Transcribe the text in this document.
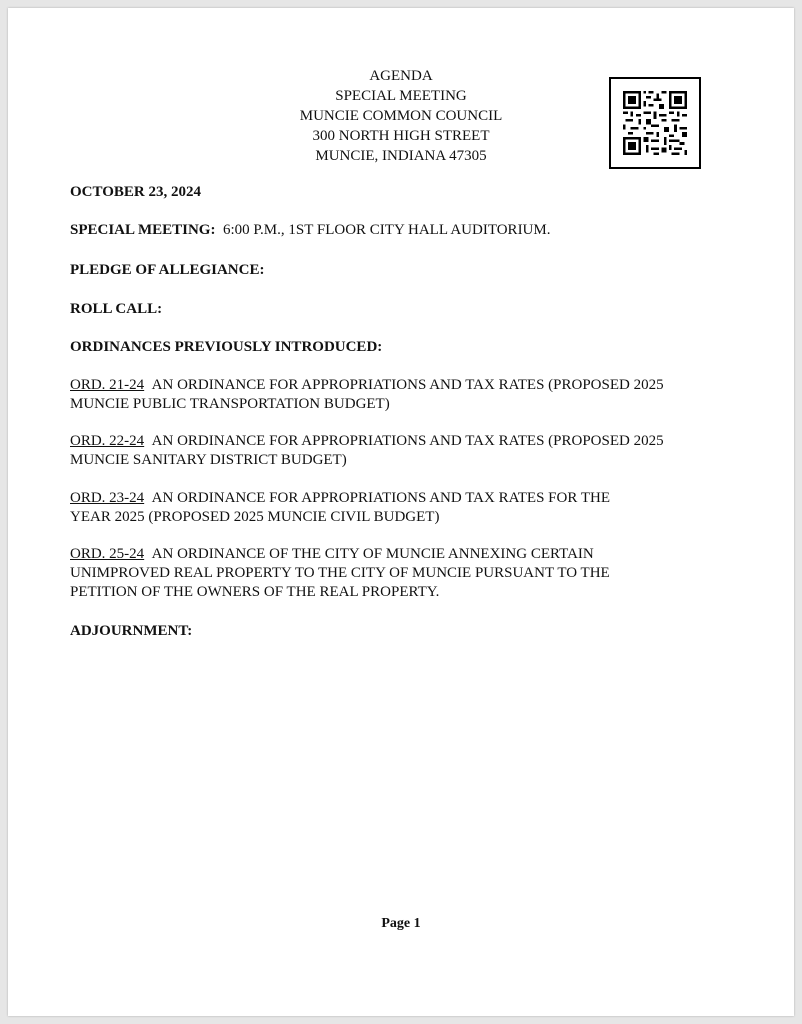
AGENDA
SPECIAL MEETING
MUNCIE COMMON COUNCIL
300 NORTH HIGH STREET
MUNCIE, INDIANA 47305
OCTOBER 23, 2024
SPECIAL MEETING: 6:00 P.M., 1ST FLOOR CITY HALL AUDITORIUM.
PLEDGE OF ALLEGIANCE:
ROLL CALL:
ORDINANCES PREVIOUSLY INTRODUCED:
ORD. 21-24 AN ORDINANCE FOR APPROPRIATIONS AND TAX RATES (PROPOSED 2025
MUNCIE PUBLIC TRANSPORTATION BUDGET)
ORD. 22-24 AN ORDINANCE FOR APPROPRIATIONS AND TAX RATES (PROPOSED 2025
MUNCIE SANITARY DISTRICT BUDGET)
ORD. 23-24 AN ORDINANCE FOR APPROPRIATIONS AND TAX RATES FOR THE
YEAR 2025 (PROPOSED 2025 MUNCIE CIVIL BUDGET)
ORD. 25-24 AN ORDINANCE OF THE CITY OF MUNCIE ANNEXING CERTAIN
UNIMPROVED REAL PROPERTY TO THE CITY OF MUNCIE PURSUANT TO THE
PETITION OF THE OWNERS OF THE REAL PROPERTY.
ADJOURNMENT:
Page 1
